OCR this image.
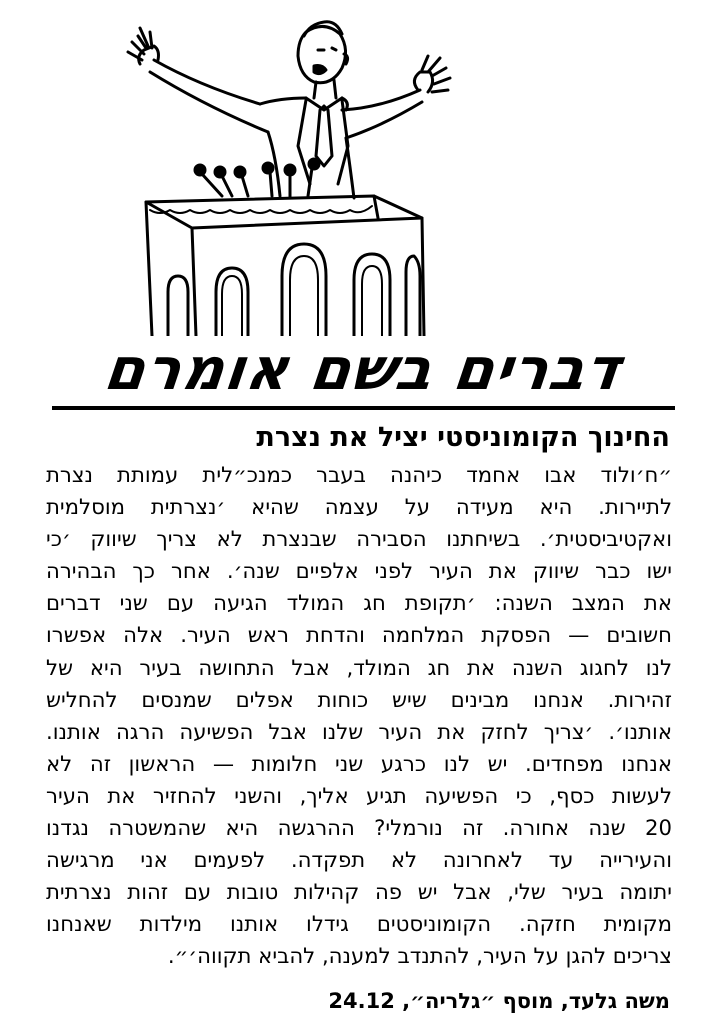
דברים בשם אומרם
החינוך הקומוניסטי יציל את נצרת
״ח׳ולוד אבו אחמד כיהנה בעבר כמנכ״לית עמותת נצרת
לתיירות. היא מעידה על עצמה שהיא ׳נצרתית מוסלמית
ואקטיביסטית׳. בשיחתנו הסבירה שבנצרת לא צריך שיווק ׳כי
ישו כבר שיווק את העיר לפני אלפיים שנה׳. אחר כך הבהירה
את המצב השנה: ׳תקופת חג המולד הגיעה עם שני דברים
חשובים — הפסקת המלחמה והדחת ראש העיר. אלה אפשרו
לנו לחגוג השנה את חג המולד, אבל התחושה בעיר היא של
זהירות. אנחנו מבינים שיש כוחות אפלים שמנסים להחליש
אותנו׳. ׳צריך לחזק את העיר שלנו אבל הפשיעה הרגה אותנו.
אנחנו מפחדים. יש לנו כרגע שני חלומות — הראשון זה לא
לעשות כסף, כי הפשיעה תגיע אליך, והשני להחזיר את העיר
20 שנה אחורה. זה נורמלי? ההרגשה היא שהמשטרה נגדנו
והעירייה עד לאחרונה לא תפקדה. לפעמים אני מרגישה
יתומה בעיר שלי, אבל יש פה קהילות טובות עם זהות נצרתית
מקומית חזקה. הקומוניסטים גידלו אותנו מילדות שאנחנו
צריכים להגן על העיר, להתנדב למענה, להביא תקווה׳״.
משה גלעד, מוסף ״גלריה״, 24.12
